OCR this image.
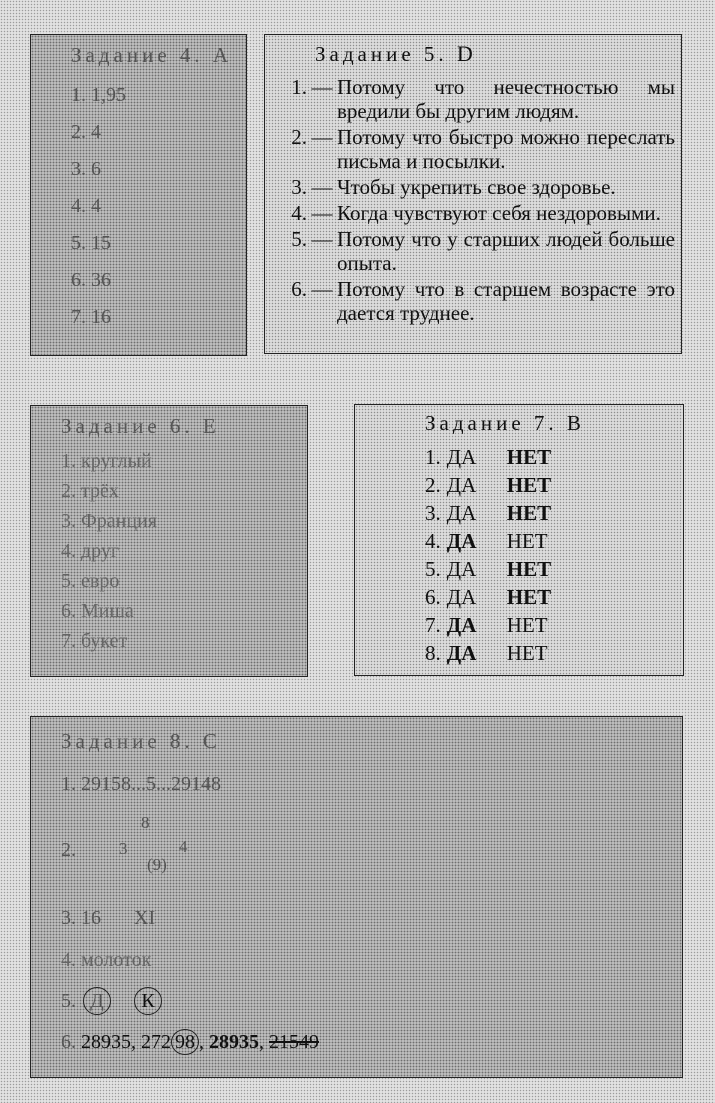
Задание 4. А
1. 1,95
2. 4
3. 6
4. 4
5. 15
6. 36
7. 16
Задание 5. D
1. — Потому что нечестностью мы вредили бы другим людям.
2. — Потому что быстро можно переслать письма и посылки.
3. — Чтобы укрепить свое здоровье.
4. — Когда чувствуют себя нездоровыми.
5. — Потому что у старших людей больше опыта.
6. — Потому что в старшем возрасте это дается труднее.
Задание 6. Е
1. круглый
2. трёх
3. Франция
4. друг
5. евро
6. Миша
7. букет
Задание 7. В
1. ДА НЕТ
2. ДА НЕТ
3. ДА НЕТ
4. ДА НЕТ
5. ДА НЕТ
6. ДА НЕТ
7. ДА НЕТ
8. ДА НЕТ
Задание 8. С
1. 29158...5...29148
2.
8
3	4
(9)
3. 16 XI
4. молоток
5. Д К
6. 28935, 272 98 , 28935, 21549
